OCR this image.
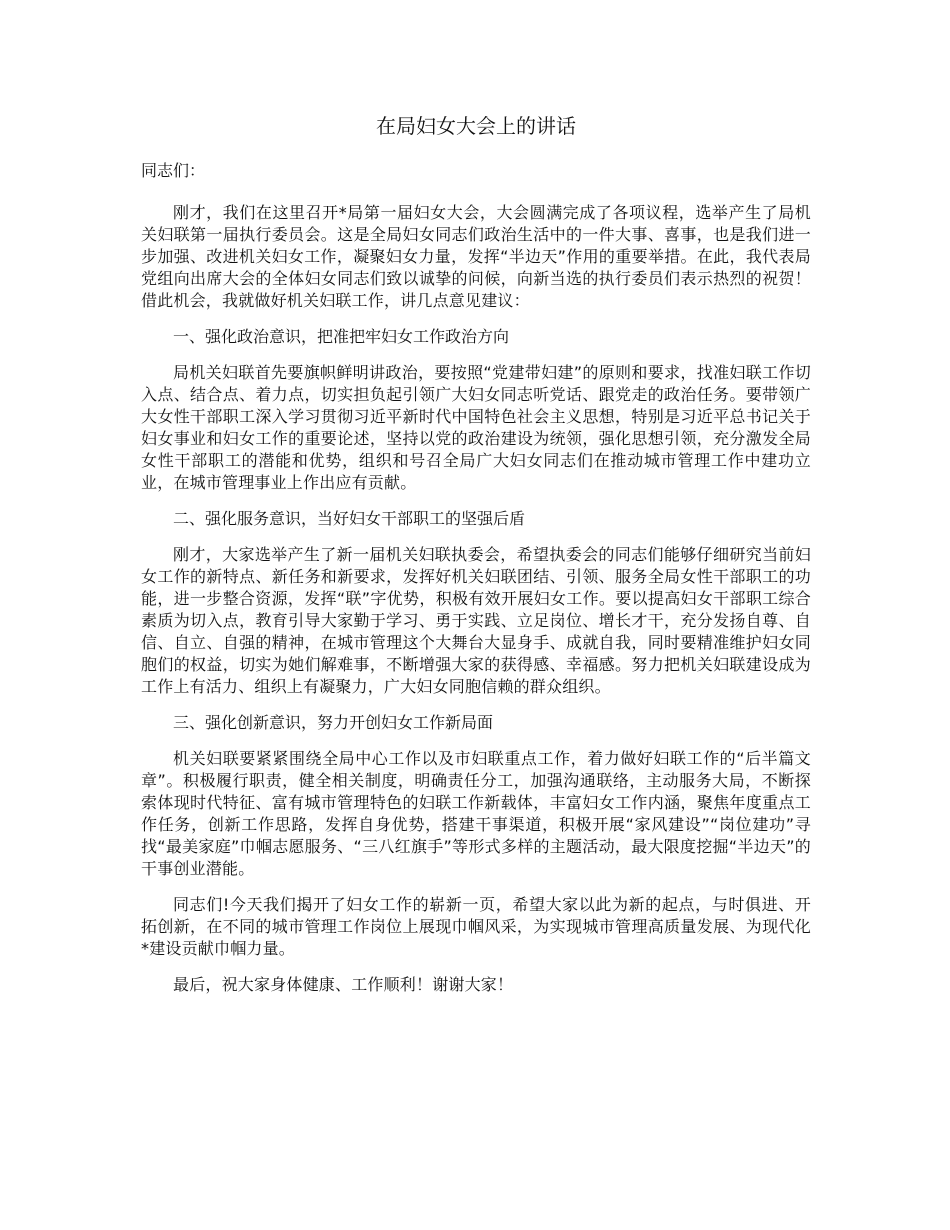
在局妇女大会上的讲话

同志们：

刚才，我们在这里召开*局第一届妇女大会，大会圆满完成了各项议程，选举产生了局机关妇联第一届执行委员会。这是全局妇女同志们政治生活中的一件大事、喜事，也是我们进一步加强、改进机关妇女工作，凝聚妇女力量，发挥“半边天”作用的重要举措。在此，我代表局党组向出席大会的全体妇女同志们致以诚挚的问候，向新当选的执行委员们表示热烈的祝贺！借此机会，我就做好机关妇联工作，讲几点意见建议：

一、强化政治意识，把准把牢妇女工作政治方向

局机关妇联首先要旗帜鲜明讲政治，要按照“党建带妇建”的原则和要求，找准妇联工作切入点、结合点、着力点，切实担负起引领广大妇女同志听党话、跟党走的政治任务。要带领广大女性干部职工深入学习贯彻习近平新时代中国特色社会主义思想，特别是习近平总书记关于妇女事业和妇女工作的重要论述，坚持以党的政治建设为统领，强化思想引领，充分激发全局女性干部职工的潜能和优势，组织和号召全局广大妇女同志们在推动城市管理工作中建功立业，在城市管理事业上作出应有贡献。

二、强化服务意识，当好妇女干部职工的坚强后盾

刚才，大家选举产生了新一届机关妇联执委会，希望执委会的同志们能够仔细研究当前妇女工作的新特点、新任务和新要求，发挥好机关妇联团结、引领、服务全局女性干部职工的功能，进一步整合资源，发挥“联”字优势，积极有效开展妇女工作。要以提高妇女干部职工综合素质为切入点，教育引导大家勤于学习、勇于实践、立足岗位、增长才干，充分发扬自尊、自信、自立、自强的精神，在城市管理这个大舞台大显身手、成就自我，同时要精准维护妇女同胞们的权益，切实为她们解难事，不断增强大家的获得感、幸福感。努力把机关妇联建设成为工作上有活力、组织上有凝聚力，广大妇女同胞信赖的群众组织。

三、强化创新意识，努力开创妇女工作新局面

机关妇联要紧紧围绕全局中心工作以及市妇联重点工作，着力做好妇联工作的“后半篇文章”。积极履行职责，健全相关制度，明确责任分工，加强沟通联络，主动服务大局，不断探索体现时代特征、富有城市管理特色的妇联工作新载体，丰富妇女工作内涵，聚焦年度重点工作任务，创新工作思路，发挥自身优势，搭建干事渠道，积极开展“家风建设”“岗位建功”寻找“最美家庭”巾帼志愿服务、“三八红旗手”等形式多样的主题活动，最大限度挖掘“半边天”的干事创业潜能。

同志们!今天我们揭开了妇女工作的崭新一页，希望大家以此为新的起点，与时俱进、开拓创新，在不同的城市管理工作岗位上展现巾帼风采，为实现城市管理高质量发展、为现代化*建设贡献巾帼力量。

最后，祝大家身体健康、工作顺利！谢谢大家！
